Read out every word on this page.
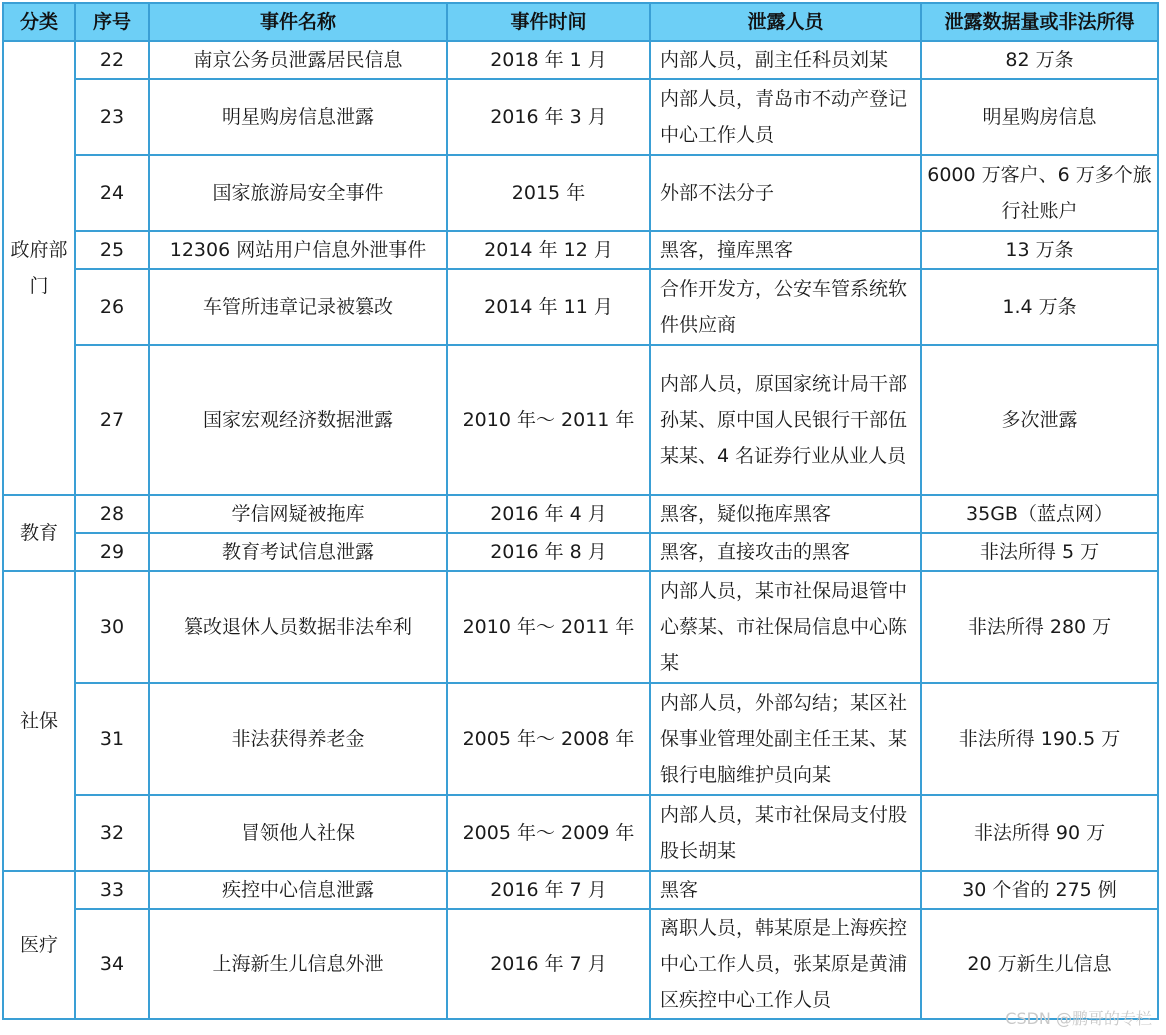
分类	序号	事件名称	事件时间	泄露人员	泄露数据量或非法所得
政府部门	22	南京公务员泄露居民信息	2018 年 1 月	内部人员，副主任科员刘某	82 万条
	23	明星购房信息泄露	2016 年 3 月	内部人员，青岛市不动产登记中心工作人员	明星购房信息
	24	国家旅游局安全事件	2015 年	外部不法分子	6000 万客户、6 万多个旅行社账户
	25	12306 网站用户信息外泄事件	2014 年 12 月	黑客，撞库黑客	13 万条
	26	车管所违章记录被篡改	2014 年 11 月	合作开发方，公安车管系统软件供应商	1.4 万条
	27	国家宏观经济数据泄露	2010 年～ 2011 年	内部人员，原国家统计局干部孙某、原中国人民银行干部伍某某、4 名证券行业从业人员	多次泄露
教育	28	学信网疑被拖库	2016 年 4 月	黑客，疑似拖库黑客	35GB（蓝点网）
	29	教育考试信息泄露	2016 年 8 月	黑客，直接攻击的黑客	非法所得 5 万
社保	30	篡改退休人员数据非法牟利	2010 年～ 2011 年	内部人员，某市社保局退管中心蔡某、市社保局信息中心陈某	非法所得 280 万
	31	非法获得养老金	2005 年～ 2008 年	内部人员，外部勾结；某区社保事业管理处副主任王某、某银行电脑维护员向某	非法所得 190.5 万
	32	冒领他人社保	2005 年～ 2009 年	内部人员，某市社保局支付股股长胡某	非法所得 90 万
医疗	33	疾控中心信息泄露	2016 年 7 月	黑客	30 个省的 275 例
	34	上海新生儿信息外泄	2016 年 7 月	离职人员，韩某原是上海疾控中心工作人员，张某原是黄浦区疾控中心工作人员	20 万新生儿信息
CSDN @鹏哥的专栏
